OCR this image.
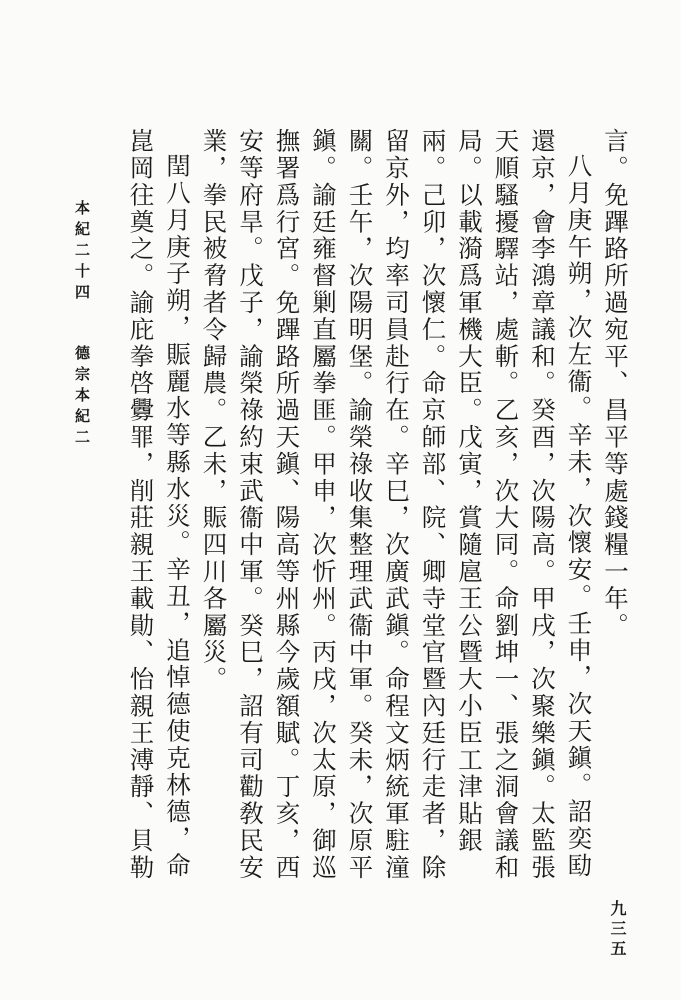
言。免蹕路所過宛平、昌平等處錢糧一年。

八月庚午朔，次左衞。辛未，次懷安。壬申，次天鎭。詔奕劻還京，會李鴻章議和。癸酉，次陽高。甲戌，次聚樂鎭。太監張天順騷擾驛站，處斬。乙亥，次大同。命劉坤一、張之洞會議和局。以載漪爲軍機大臣。戊寅，賞隨扈王公暨大小臣工津貼銀兩。己卯，次懷仁。命京師部、院、卿寺堂官暨內廷行走者，除留京外，均率司員赴行在。辛巳，次廣武鎭。命程文炳統軍駐潼關。壬午，次陽明堡。諭榮祿收集整理武衞中軍。癸未，次原平鎭。諭廷雍督剿直屬拳匪。甲申，次忻州。丙戌，次太原，御巡撫署爲行宮。免蹕路所過天鎭、陽高等州縣今歲額賦。丁亥，西安等府旱。戊子，諭榮祿約束武衞中軍。癸巳，詔有司勸敎民安業，拳民被脅者令歸農。乙未，賑四川各屬災。

閏八月庚子朔，賑麗水等縣水災。辛丑，追悼德使克林德，命崑岡往奠之。諭庇拳啓釁罪，削莊親王載勛、怡親王溥靜、貝勒

本紀二十四德宗本紀二
九三五
